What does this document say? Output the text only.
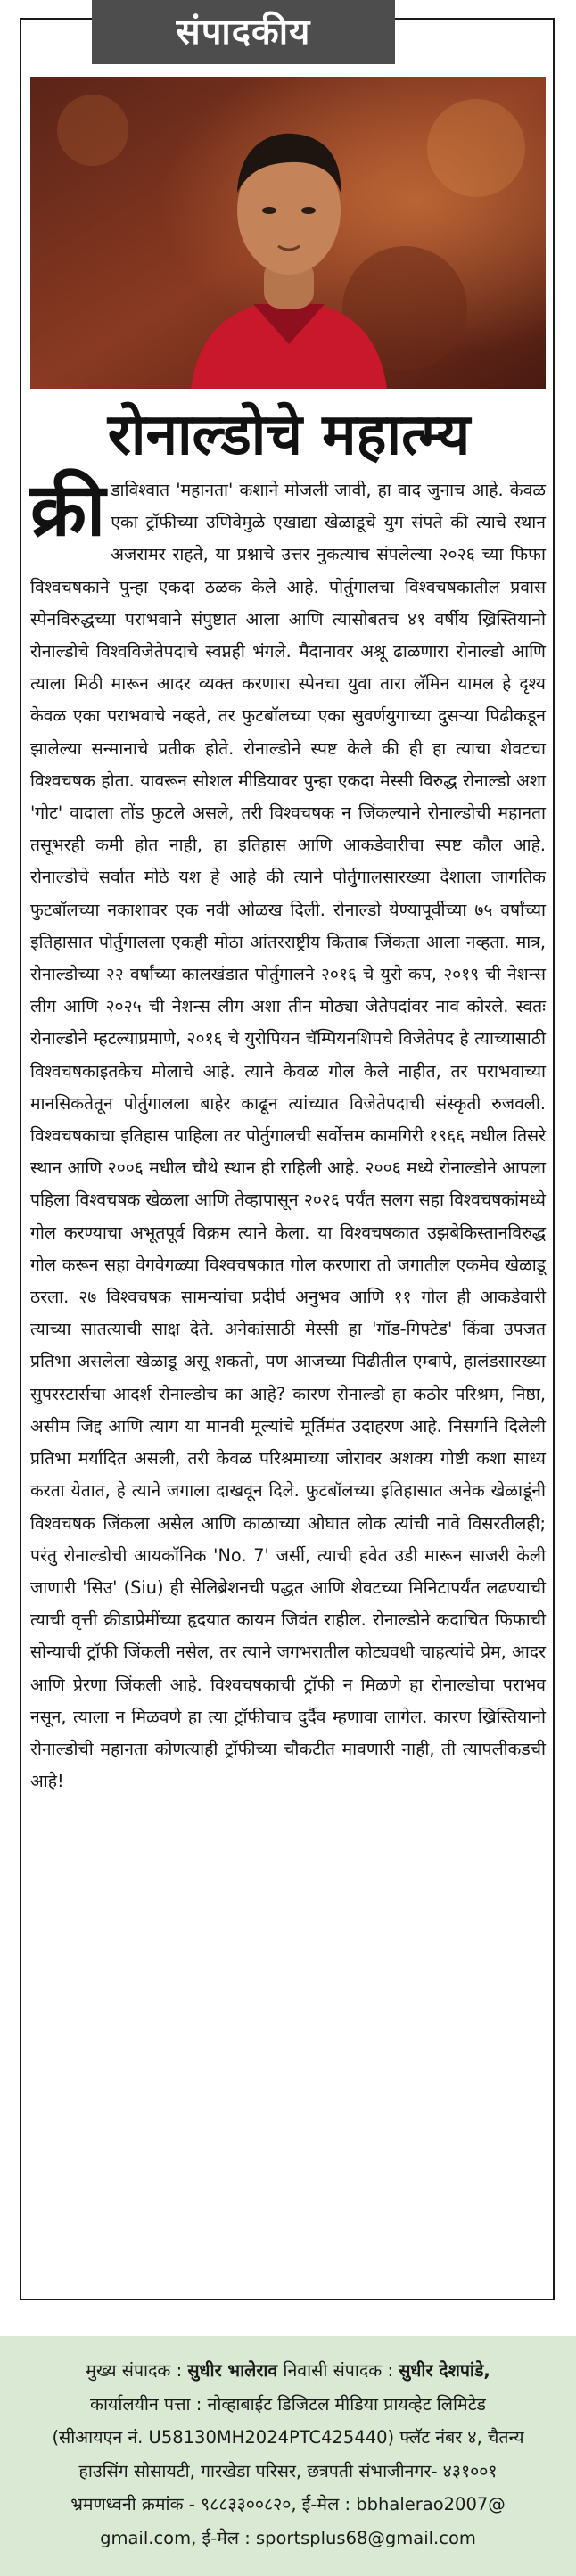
संपादकीय
रोनाल्डोचे महात्म्य
क्री डाविश्वात 'महानता' कशाने मोजली जावी, हा वाद जुनाच आहे. केवळ एका ट्रॉफीच्या उणिवेमुळे एखाद्या खेळाडूचे युग संपते की त्याचे स्थान अजरामर राहते, या प्रश्नाचे उत्तर नुकत्याच संपलेल्या २०२६ च्या फिफा विश्वचषकाने पुन्हा एकदा ठळक केले आहे. पोर्तुगालचा विश्वचषकातील प्रवास स्पेनविरुद्धच्या पराभवाने संपुष्टात आला आणि त्यासोबतच ४१ वर्षीय ख्रिस्तियानो रोनाल्डोचे विश्वविजेतेपदाचे स्वप्नही भंगले. मैदानावर अश्रू ढाळणारा रोनाल्डो आणि त्याला मिठी मारून आदर व्यक्त करणारा स्पेनचा युवा तारा लॅमिन यामल हे दृश्य केवळ एका पराभवाचे नव्हते, तर फुटबॉलच्या एका सुवर्णयुगाच्या दुसऱ्या पिढीकडून झालेल्या सन्मानाचे प्रतीक होते. रोनाल्डोने स्पष्ट केले की ही हा त्याचा शेवटचा विश्वचषक होता. यावरून सोशल मीडियावर पुन्हा एकदा मेस्सी विरुद्ध रोनाल्डो अशा 'गोट' वादाला तोंड फुटले असले, तरी विश्वचषक न जिंकल्याने रोनाल्डोची महानता तसूभरही कमी होत नाही, हा इतिहास आणि आकडेवारीचा स्पष्ट कौल आहे. रोनाल्डोचे सर्वात मोठे यश हे आहे की त्याने पोर्तुगालसारख्या देशाला जागतिक फुटबॉलच्या नकाशावर एक नवी ओळख दिली. रोनाल्डो येण्यापूर्वीच्या ७५ वर्षांच्या इतिहासात पोर्तुगालला एकही मोठा आंतरराष्ट्रीय किताब जिंकता आला नव्हता. मात्र, रोनाल्डोच्या २२ वर्षांच्या कालखंडात पोर्तुगालने २०१६ चे युरो कप, २०१९ ची नेशन्स लीग आणि २०२५ ची नेशन्स लीग अशा तीन मोठ्या जेतेपदांवर नाव कोरले. स्वतः रोनाल्डोने म्हटल्याप्रमाणे, २०१६ चे युरोपियन चॅम्पियनशिपचे विजेतेपद हे त्याच्यासाठी विश्वचषकाइतकेच मोलाचे आहे. त्याने केवळ गोल केले नाहीत, तर पराभवाच्या मानसिकतेतून पोर्तुगालला बाहेर काढून त्यांच्यात विजेतेपदाची संस्कृती रुजवली. विश्वचषकाचा इतिहास पाहिला तर पोर्तुगालची सर्वोत्तम कामगिरी १९६६ मधील तिसरे स्थान आणि २००६ मधील चौथे स्थान ही राहिली आहे. २००६ मध्ये रोनाल्डोने आपला पहिला विश्वचषक खेळला आणि तेव्हापासून २०२६ पर्यंत सलग सहा विश्वचषकांमध्ये गोल करण्याचा अभूतपूर्व विक्रम त्याने केला. या विश्वचषकात उझबेकिस्तानविरुद्ध गोल करून सहा वेगवेगळ्या विश्वचषकात गोल करणारा तो जगातील एकमेव खेळाडू ठरला. २७ विश्वचषक सामन्यांचा प्रदीर्घ अनुभव आणि ११ गोल ही आकडेवारी त्याच्या सातत्याची साक्ष देते. अनेकांसाठी मेस्सी हा 'गॉड-गिफ्टेड' किंवा उपजत प्रतिभा असलेला खेळाडू असू शकतो, पण आजच्या पिढीतील एम्बापे, हालंडसारख्या सुपरस्टार्सचा आदर्श रोनाल्डोच का आहे? कारण रोनाल्डो हा कठोर परिश्रम, निष्ठा, असीम जिद्द आणि त्याग या मानवी मूल्यांचे मूर्तिमंत उदाहरण आहे. निसर्गाने दिलेली प्रतिभा मर्यादित असली, तरी केवळ परिश्रमाच्या जोरावर अशक्य गोष्टी कशा साध्य करता येतात, हे त्याने जगाला दाखवून दिले. फुटबॉलच्या इतिहासात अनेक खेळाडूंनी विश्वचषक जिंकला असेल आणि काळाच्या ओघात लोक त्यांची नावे विसरतीलही; परंतु रोनाल्डोची आयकॉनिक 'No. 7' जर्सी, त्याची हवेत उडी मारून साजरी केली जाणारी 'सिउ' (Siu) ही सेलिब्रेशनची पद्धत आणि शेवटच्या मिनिटापर्यंत लढण्याची त्याची वृत्ती क्रीडाप्रेमींच्या हृदयात कायम जिवंत राहील. रोनाल्डोने कदाचित फिफाची सोन्याची ट्रॉफी जिंकली नसेल, तर त्याने जगभरातील कोट्यवधी चाहत्यांचे प्रेम, आदर आणि प्रेरणा जिंकली आहे. विश्वचषकाची ट्रॉफी न मिळणे हा रोनाल्डोचा पराभव नसून, त्याला न मिळवणे हा त्या ट्रॉफीचाच दुर्दैव म्हणावा लागेल. कारण ख्रिस्तियानो रोनाल्डोची महानता कोणत्याही ट्रॉफीच्या चौकटीत मावणारी नाही, ती त्यापलीकडची आहे!
मुख्य संपादक : सुधीर भालेराव निवासी संपादक : सुधीर देशपांडे,
कार्यालयीन पत्ता : नोव्हाबाईट डिजिटल मीडिया प्रायव्हेट लिमिटेड
(सीआयएन नं. U58130MH2024PTC425440) फ्लॅट नंबर ४, चैतन्य
हाउसिंग सोसायटी, गारखेडा परिसर, छत्रपती संभाजीनगर- ४३१००१
भ्रमणध्वनी क्रमांक - ९८८३३००८२०, ई-मेल : bbhalerao2007@
gmail.com, ई-मेल : sportsplus68@gmail.com
